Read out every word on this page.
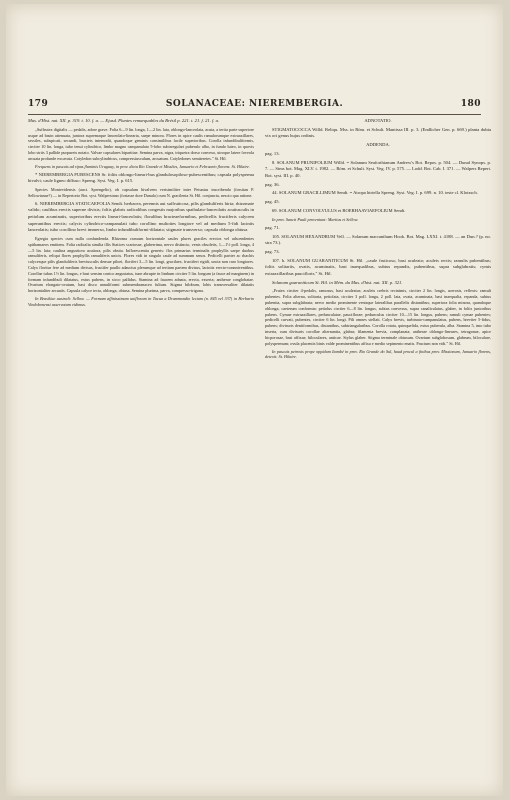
179	SOLANACEAE: NIEREMBERGIA.	180

Mus. d'Hist. nat. XII. p. 319. t. 10. f. a. — Ejusd. Plantes remarquables du Brésil p. 221. t. 21. f. 21. f. a.

„Suffrutex digitalis — pedalis, adore grave. Folia 6—9 lin. longa, 1—2 lin. lata, oblongo-lanceolata, acuta, a tertia parte superiore usque ad basin attenuata, juniora supremaque lanceolato-linearia, saepe minora. Flores in apice caulis ramulorumque extraaxillares, sessiles, subspicati, secundi, bracteis internodii, quandoque geminis consimilibus facile superioribus. Corolla infundibuliformis, circiter 10 lin. longa, tubo tenui cylindrico, limbo magno campanulato 5-lobo subirregulari puberulo albo, in fundo luteo, in quovis lobo striis 3 pallide purpureis notato. Valvae capsulares bipartitae. Semina parva, nigra, triquetra dorso convexo, utroque latere foveola arcuata profunde excavata. Cotyledon subcylindricus, compressiusculum, arcuatum. Cotyledones semiteretes." St. Hil.

Frequens in pascuis ad ripas fluminis Uruguay, in prov. dicta Rio Grande et Missões, Januario et Februario florens: St. Hilaire.

* NIEREMBERGIA PUBESCENS Sr. foliis oblongo-lineari-bus glandulosopiloso-pubescentibus; capsula polysperma bivalvi; caule ligneo diffuso: Spreng. Syst. Veg. I. p. 615.

Species Montevidensis (auct. Sprengelio), ob capsulam bivalvem verisimiliter inter Petunias inscribenda (forsitan P. Sellowianae?) — in Repertorio Bot. syst. Walpersiano (fortasse dore Dunalo) cum N. gracilenta St. Hil. conjuncta, nescio qua ratione.

6. NIEREMBERGIA STATICAEFOLIA Sendt. herbacea, perennis aut suffruticosa, pilis glanduliferis hirta; rhizomate valido; caulibus erectis superne divisis; foliis glabris radicalibus congestis majoribus spathulato-lanceolatis acutiusculis in petiolum acuminatis, superioribus erectis lineari-lanceolatis; floralibus bracteaeformibus, pedicellis fructiferis calycem superantibus erectis; calycis cylindrico-campanulati tubo corollino multoties longiore vel ad medium 5-fidi laciniis lanceolatis; tubo corollino brevi immerso, limbo infundibuliformi-dilatato; stigmate transverso; capsula oblonga obtusa.

Egregia species cum nulla confundenda. Rhizoma crassum horizontale caules plures graciles erectos vel adscendentes spithamaeos emittens. Folia radicalia similia illis Statices scariosae, glaberrima, nervo distincto, venis obsoletis, 1—1½ poll. longa, 4—5 lin. lata; caulina angustiora acutiora, pilis obsita. Inflorescentia generis: flos primarius terminalis prophyllis saepe duobus ramuliferis, reliqui flores prophyllis ramuliferis unicis. Flores vidi in singulo caule ad summum senos. Pedicelli pariter ac rhachis calycesque pilis glanduliferis breviusculis densae piloei, floriferi 3—5 lin. longi, gracilaes; fructiferi rigidi, uncia non raro longiores. Calyx floritur fere ad medium divisus, fructifer paullo adauctus plerumque ad tertiam partem divisus, laciniis erecto-connniventibus. Corollae tubus 1½ lin. longus, e basi sensim conico angustatus, tune abrupte in limbum circiter 5 lin. longum (a fauce ad marginem) in formam infundibuli dilatatus, extus pubens, in sicco pallidus. Stamina ad faucem adnata, erecta, exserta; antherae conglobatae. Ovarium elongato-ovatum, basi disco annuliformi submembranaceo fultum. Stigma bilobum, lobis transversaliter dilatatis horizontaliter arcuatis. Capsula calyce tecta, oblonga, obtusa. Semina plurima, parva, compresso-trigona.

In Brasiliae australi: Sellow. — Formam affinissimam unifloram in Tacua a Drummondio lectam (n. 845 vel 337) in Herbario Vindobonensi asservatam vidimus.

ADNOTATIO.

STIGMATOCOCCA Willd. Reliqu. Mss. in Röm. et Schult. Mantissa III. p. 3. (Endlicher Gen. p. 669.) planta dubia vix ori genus hujus ordinis.

ADDENDA.

pag. 13.

8. SOLANUM PRUNIFOLIUM Willd. = Solanum Seaforthianum Andrew's Bot. Repos. p. 504. — Dunal Synops. p. 7. — Sims bot. Mag. XLV. t. 1982. — Röm. et Schult. Syst. Veg. IV. p. 575. — Lodd. Bot. Cab. I. 371. — Walpers Repert. Bot. syst. III. p. 40.

pag. 36.

44. SOLANUM GRACILLIMUM Sendt. = Atropa hirtella Spreng. Syst. Veg. I. p. 699. n. 10. teste cl. Klotzsch.

pag. 45.

69. SOLANUM CONVOLVULUS et BOERHAAVIAEFOLIUM Sendt.

In prov. Sancti Pauli proveniunt: Martius et Sellow.

pag. 71.

105. SOLANUM HEXANDRUM Vell. — Solanum macranthum Hook. Bot. Mag. LXXI. t. 4188. — an Dun.? (p. no. stra 73.).

pag. 73.

107. b. SOLANUM GUARANITICUM St. Hil. „caule fruticoso, basi aculeato; aculeis rectis; ramulis pubentibus; foliis solitariis, ovatis, acuminatis, basi inaequalibus, subtus repandis, pubentibus, supra subglabratis; cymis extraaxillaribus paucifloris." St. Hil.

Solanum guaraniticum St. Hil. in Mém. du Mus. d'hist. nat. XII. p. 321.

„Frutex circiter 4-pedalis, ramosus, basi aculeatus; aculeis crebris recinimis, circiter 2 lin. longis, acerosis, reflexis: ramuli pubentes. Folia alterna, solitaria, petiolata, circiter 3 poll. longa, 2 poll. lata, ovata, acuminata, basi inaequalia, repanda, subtus pubentia, supra subglabrata; nervo medio prominente venisque lateralibus parallelis distantibus; superiora folia minora, quandoque oblonga, caeterum conformia: petiolus circiter 6—8 lin. longus, subtus convexus, supra canaliculatus, glaber, in foliis junioribus pubens. Cymae extraaxillares, pedunculatae, pauciflorae; pedunculus circiter 10—15 lin. longus, pubens; ramuli cymae pubentes; pedicelli curvati, pubentes, circiter 6 lin. longi. Pili omnes stellati. Calyx brevis, turbinato-campanulatus, pubens, breviter 5-fidus, pubens; divisuris dentiformibus, distantibus, subtriangularibus. Corolla rotata, quinquefida, extus puberula, alba. Stamina 5, imo tubo inserta, cum divisuris corollae alternantia, glabra; filamenta brevia, complanata; antherae oblongo-lineares, tetragonae, apice bicporosae, basi affixae, biloculares, anticae. Stylus glaber. Stigma terminale obtusum. Ovarium subglobosum, glabrum, biloculare, polyspermum; ovula placentis binis valde prominentibus affixa e medio sepimento enatis. Fructum non vidi." St. Hil.

In pascuis petrosis prope oppidum Itambé in prov. Rio Grande do Sul, haud procul a finibus prov. Missionum, Januario florens, detexit: St. Hilaire.
